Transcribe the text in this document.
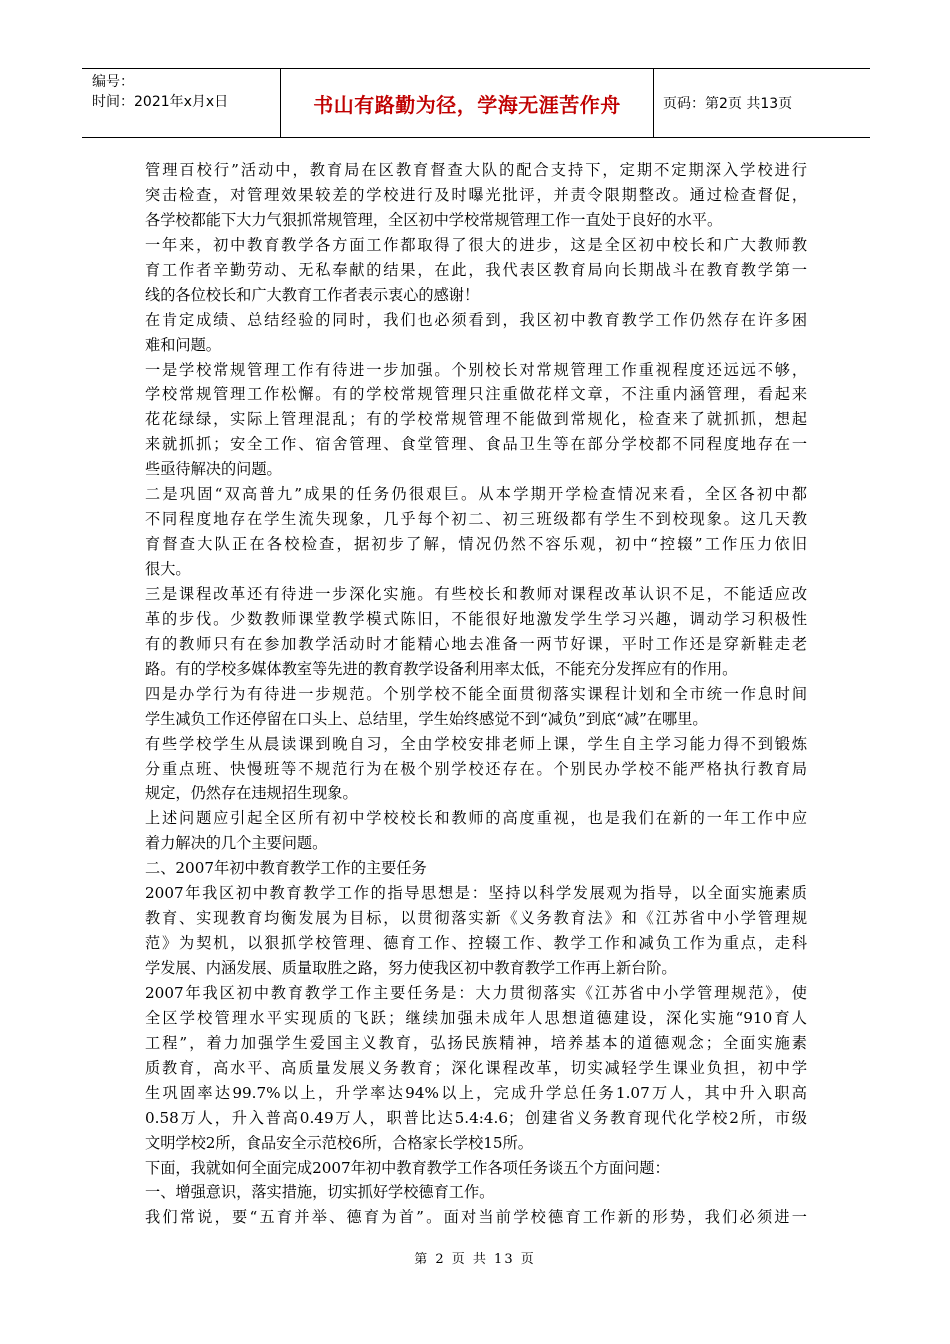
编号：
时间：2021年x月x日	书山有路勤为径，学海无涯苦作舟	页码：第2页 共13页
管理百校行”活动中，教育局在区教育督查大队的配合支持下，定期不定期深入学校进行
突击检查，对管理效果较差的学校进行及时曝光批评，并责令限期整改。通过检查督促，
各学校都能下大力气狠抓常规管理，全区初中学校常规管理工作一直处于良好的水平。
一年来，初中教育教学各方面工作都取得了很大的进步，这是全区初中校长和广大教师教
育工作者辛勤劳动、无私奉献的结果，在此，我代表区教育局向长期战斗在教育教学第一
线的各位校长和广大教育工作者表示衷心的感谢！
在肯定成绩、总结经验的同时，我们也必须看到，我区初中教育教学工作仍然存在许多困
难和问题。
一是学校常规管理工作有待进一步加强。个别校长对常规管理工作重视程度还远远不够，
学校常规管理工作松懈。有的学校常规管理只注重做花样文章，不注重内涵管理，看起来
花花绿绿，实际上管理混乱；有的学校常规管理不能做到常规化，检查来了就抓抓，想起
来就抓抓；安全工作、宿舍管理、食堂管理、食品卫生等在部分学校都不同程度地存在一
些亟待解决的问题。
二是巩固“双高普九”成果的任务仍很艰巨。从本学期开学检查情况来看，全区各初中都
不同程度地存在学生流失现象，几乎每个初二、初三班级都有学生不到校现象。这几天教
育督查大队正在各校检查，据初步了解，情况仍然不容乐观，初中“控辍”工作压力依旧
很大。
三是课程改革还有待进一步深化实施。有些校长和教师对课程改革认识不足，不能适应改
革的步伐。少数教师课堂教学模式陈旧，不能很好地激发学生学习兴趣，调动学习积极性
有的教师只有在参加教学活动时才能精心地去准备一两节好课，平时工作还是穿新鞋走老
路。有的学校多媒体教室等先进的教育教学设备利用率太低，不能充分发挥应有的作用。
四是办学行为有待进一步规范。个别学校不能全面贯彻落实课程计划和全市统一作息时间
学生减负工作还停留在口头上、总结里，学生始终感觉不到“减负”到底“减”在哪里。
有些学校学生从晨读课到晚自习，全由学校安排老师上课，学生自主学习能力得不到锻炼
分重点班、快慢班等不规范行为在极个别学校还存在。个别民办学校不能严格执行教育局
规定，仍然存在违规招生现象。
上述问题应引起全区所有初中学校校长和教师的高度重视，也是我们在新的一年工作中应
着力解决的几个主要问题。
二、2007年初中教育教学工作的主要任务
2007年我区初中教育教学工作的指导思想是：坚持以科学发展观为指导，以全面实施素质
教育、实现教育均衡发展为目标，以贯彻落实新《义务教育法》和《江苏省中小学管理规
范》为契机，以狠抓学校管理、德育工作、控辍工作、教学工作和减负工作为重点，走科
学发展、内涵发展、质量取胜之路，努力使我区初中教育教学工作再上新台阶。
2007年我区初中教育教学工作主要任务是：大力贯彻落实《江苏省中小学管理规范》，使
全区学校管理水平实现质的飞跃；继续加强未成年人思想道德建设，深化实施“910育人
工程”，着力加强学生爱国主义教育，弘扬民族精神，培养基本的道德观念；全面实施素
质教育，高水平、高质量发展义务教育；深化课程改革，切实减轻学生课业负担，初中学
生巩固率达99.7%以上，升学率达94%以上，完成升学总任务1.07万人，其中升入职高
0.58万人，升入普高0.49万人，职普比达5.4:4.6；创建省义务教育现代化学校2所，市级
文明学校2所，食品安全示范校6所，合格家长学校15所。
下面，我就如何全面完成2007年初中教育教学工作各项任务谈五个方面问题：
一、增强意识，落实措施，切实抓好学校德育工作。
我们常说，要“五育并举、德育为首”。面对当前学校德育工作新的形势，我们必须进一
第 2 页 共 13 页
